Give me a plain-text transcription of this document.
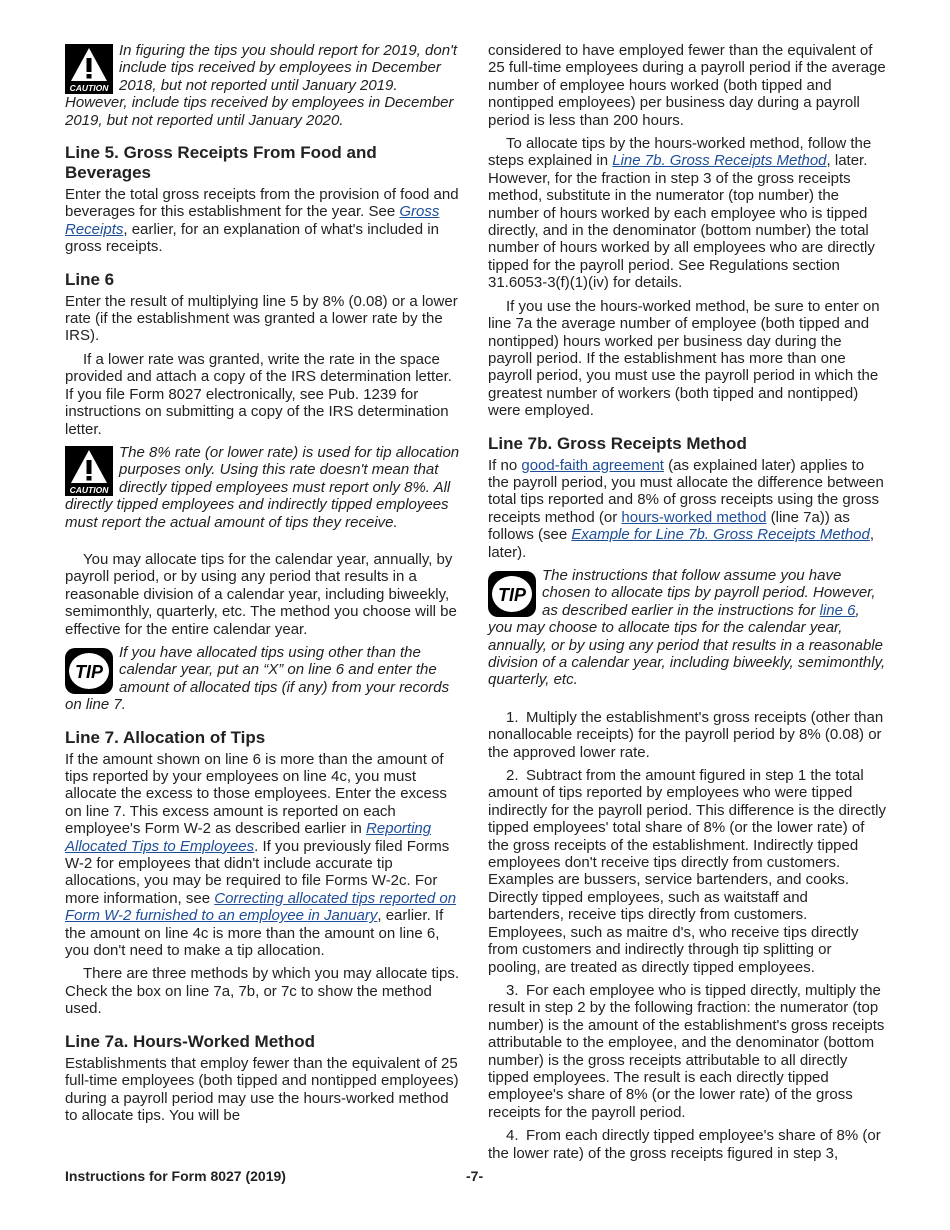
CAUTION
In figuring the tips you should report for 2019, don't include tips received by employees in December 2018, but not reported until January 2019. However, include tips received by employees in December 2019, but not reported until January 2020.
Line 5. Gross Receipts From Food and Beverages

Enter the total gross receipts from the provision of food and beverages for this establishment for the year. See Gross Receipts, earlier, for an explanation of what's included in gross receipts.

Line 6

Enter the result of multiplying line 5 by 8% (0.08) or a lower rate (if the establishment was granted a lower rate by the IRS).

If a lower rate was granted, write the rate in the space provided and attach a copy of the IRS determination letter. If you file Form 8027 electronically, see Pub. 1239 for instructions on submitting a copy of the IRS determination letter.

CAUTION
The 8% rate (or lower rate) is used for tip allocation purposes only. Using this rate doesn't mean that directly tipped employees must report only 8%. All directly tipped employees and indirectly tipped employees must report the actual amount of tips they receive.

You may allocate tips for the calendar year, annually, by payroll period, or by using any period that results in a reasonable division of a calendar year, including biweekly, semimonthly, quarterly, etc. The method you choose will be effective for the entire calendar year.

TIP
If you have allocated tips using other than the calendar year, put an “X” on line 6 and enter the amount of allocated tips (if any) from your records on line 7.
Line 7. Allocation of Tips

If the amount shown on line 6 is more than the amount of tips reported by your employees on line 4c, you must allocate the excess to those employees. Enter the excess on line 7. This excess amount is reported on each employee's Form W-2 as described earlier in Reporting Allocated Tips to Employees. If you previously filed Forms W-2 for employees that didn't include accurate tip allocations, you may be required to file Forms W-2c. For more information, see Correcting allocated tips reported on Form W-2 furnished to an employee in January, earlier. If the amount on line 4c is more than the amount on line 6, you don't need to make a tip allocation.

There are three methods by which you may allocate tips. Check the box on line 7a, 7b, or 7c to show the method used.

Line 7a. Hours-Worked Method

Establishments that employ fewer than the equivalent of 25 full-time employees (both tipped and nontipped employees) during a payroll period may use the hours-worked method to allocate tips. You will be

considered to have employed fewer than the equivalent of 25 full-time employees during a payroll period if the average number of employee hours worked (both tipped and nontipped employees) per business day during a payroll period is less than 200 hours.

To allocate tips by the hours-worked method, follow the steps explained in Line 7b. Gross Receipts Method, later. However, for the fraction in step 3 of the gross receipts method, substitute in the numerator (top number) the number of hours worked by each employee who is tipped directly, and in the denominator (bottom number) the total number of hours worked by all employees who are directly tipped for the payroll period. See Regulations section 31.6053-3(f)(1)(iv) for details.

If you use the hours-worked method, be sure to enter on line 7a the average number of employee (both tipped and nontipped) hours worked per business day during the payroll period. If the establishment has more than one payroll period, you must use the payroll period in which the greatest number of workers (both tipped and nontipped) were employed.

Line 7b. Gross Receipts Method

If no good-faith agreement (as explained later) applies to the payroll period, you must allocate the difference between total tips reported and 8% of gross receipts using the gross receipts method (or hours-worked method (line 7a)) as follows (see Example for Line 7b. Gross Receipts Method, later).

TIP
The instructions that follow assume you have chosen to allocate tips by payroll period. However, as described earlier in the instructions for line 6, you may choose to allocate tips for the calendar year, annually, or by using any period that results in a reasonable division of a calendar year, including biweekly, semimonthly, quarterly, etc.

1. Multiply the establishment's gross receipts (other than nonallocable receipts) for the payroll period by 8% (0.08) or the approved lower rate.

2. Subtract from the amount figured in step 1 the total amount of tips reported by employees who were tipped indirectly for the payroll period. This difference is the directly tipped employees' total share of 8% (or the lower rate) of the gross receipts of the establishment. Indirectly tipped employees don't receive tips directly from customers. Examples are bussers, service bartenders, and cooks. Directly tipped employees, such as waitstaff and bartenders, receive tips directly from customers. Employees, such as maitre d's, who receive tips directly from customers and indirectly through tip splitting or pooling, are treated as directly tipped employees.

3. For each employee who is tipped directly, multiply the result in step 2 by the following fraction: the numerator (top number) is the amount of the establishment's gross receipts attributable to the employee, and the denominator (bottom number) is the gross receipts attributable to all directly tipped employees. The result is each directly tipped employee's share of 8% (or the lower rate) of the gross receipts for the payroll period.

4. From each directly tipped employee's share of 8% (or the lower rate) of the gross receipts figured in step 3,

Instructions for Form 8027 (2019)	-7-
